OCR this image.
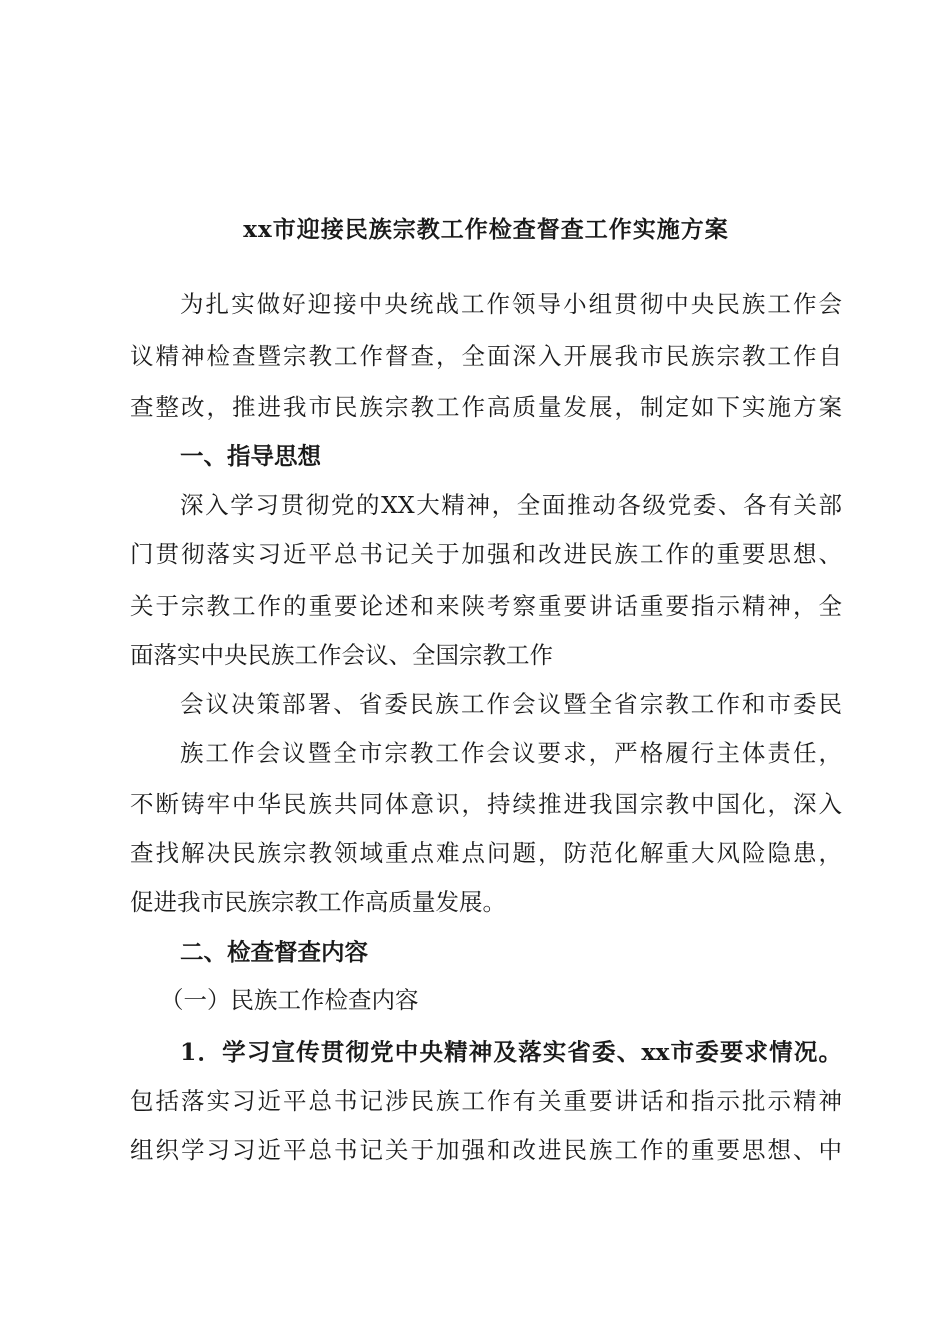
xx市迎接民族宗教工作检查督查工作实施方案
为扎实做好迎接中央统战工作领导小组贯彻中央民族工作会
议精神检查暨宗教工作督查，全面深入开展我市民族宗教工作自
查整改，推进我市民族宗教工作高质量发展，制定如下实施方案
一、指导思想
深入学习贯彻党的XX大精神，全面推动各级党委、各有关部
门贯彻落实习近平总书记关于加强和改进民族工作的重要思想、
关于宗教工作的重要论述和来陕考察重要讲话重要指示精神，全
面落实中央民族工作会议、全国宗教工作
会议决策部署、省委民族工作会议暨全省宗教工作和市委民
族工作会议暨全市宗教工作会议要求，严格履行主体责任，
不断铸牢中华民族共同体意识，持续推进我国宗教中国化，深入
查找解决民族宗教领域重点难点问题，防范化解重大风险隐患，
促进我市民族宗教工作高质量发展。
二、检查督查内容
（一）民族工作检查内容
1．学习宣传贯彻党中央精神及落实省委、xx市委要求情况。
包括落实习近平总书记涉民族工作有关重要讲话和指示批示精神
组织学习习近平总书记关于加强和改进民族工作的重要思想、中
